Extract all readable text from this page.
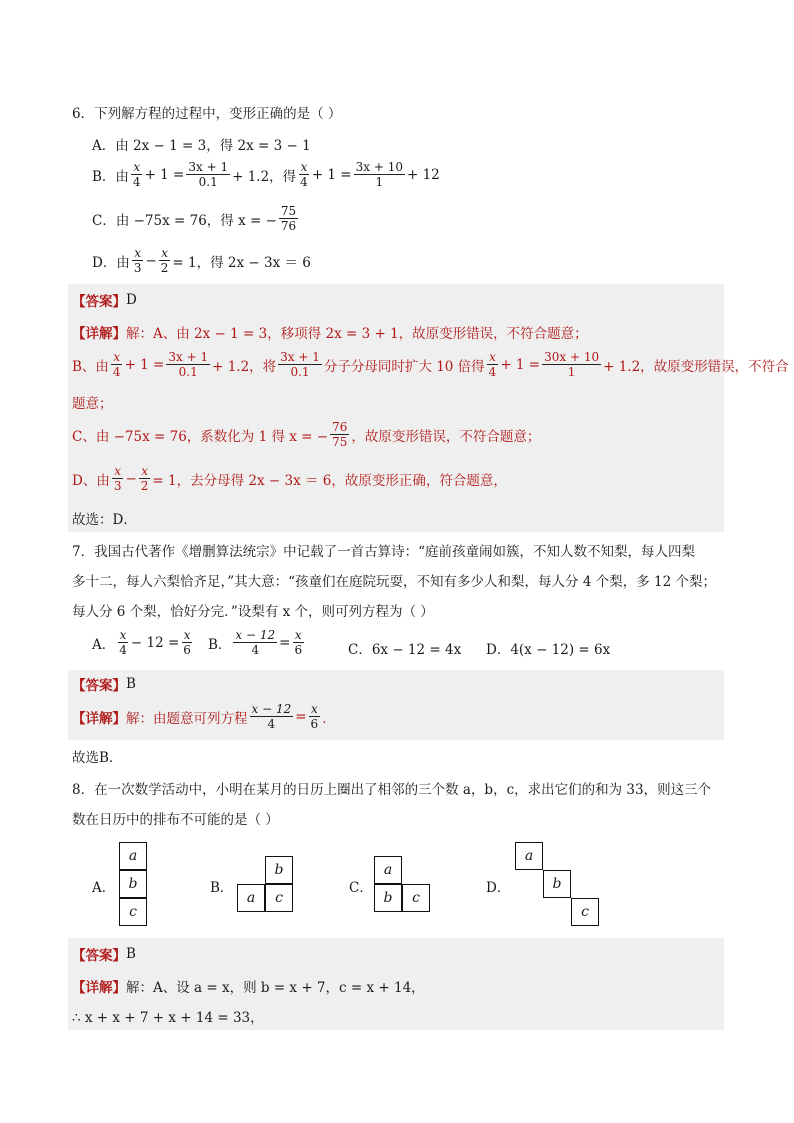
6．下列解方程的过程中，变形正确的是（ ）
A．由 2x − 1 = 3，得 2x = 3 − 1
B．由 $\frac{x}{4} + 1 = \frac{3x + 1}{0.1} + 1.2$，得 $\frac{x}{4} + 1 = \frac{3x + 10}{1} + 12$
C．由 −75x = 76，得 x = − $\frac{75}{76}$
D．由 $\frac{x}{3} - \frac{x}{2} = 1$，得 2x − 3x ＝ 6
【答案】 D
【详解】 解：A、由 2x − 1 = 3，移项得 2x = 3 + 1，故原变形错误，不符合题意；
B、由 $\frac{x}{4} + 1 = \frac{3x + 1}{0.1} + 1.2$，将 $\frac{3x + 1}{0.1}$ 分子分母同时扩大 10 倍得 $\frac{x}{4} + 1 = \frac{30x + 10}{1} + 1.2$，故原变形错误，不符合
题意；
C、由 −75x = 76，系数化为 1 得 x = − $\frac{76}{75}$ ，故原变形错误，不符合题意；
D、由 $\frac{x}{3} - \frac{x}{2} = 1$，去分母得 2x − 3x ＝ 6，故原变形正确，符合题意，
故选：D．
7．我国古代著作《增删算法统宗》中记载了一首古算诗：“庭前孩童闹如簇，不知人数不知梨，每人四梨
多十二，每人六梨恰齐足，”其大意：“孩童们在庭院玩耍，不知有多少人和梨，每人分 4 个梨，多 12 个梨；
每人分 6 个梨，恰好分完．”设梨有 x 个，则可列方程为（ ）
A． $\frac{x}{4} - 12 = \frac{x}{6}$ B． $\frac{x - 12}{4} = \frac{x}{6}$	C．6x − 12 = 4x D．4(x − 12) = 6x
【答案】 B
【详解】 解：由题意可列方程 $\frac{x - 12}{4} = \frac{x}{6}$ ．
故选B．
8．在一次数学活动中，小明在某月的日历上圈出了相邻的三个数 a，b，c，求出它们的和为 33，则这三个
数在日历中的排布不可能的是（ ）
A．
a
b
c
B．
b
a	c
C．
a
b	c
D．
a
b
c
【答案】 B
【详解】 解：A、设 a = x，则 b = x + 7，c = x + 14，
∴ x + x + 7 + x + 14 = 33，
